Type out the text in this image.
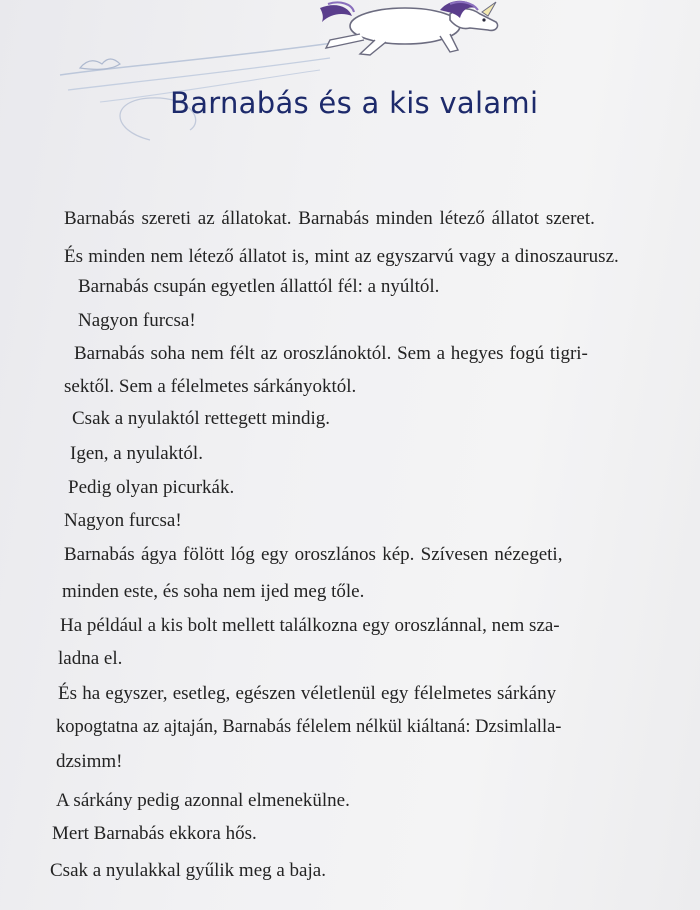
Barnabás és a kis valami
Barnabás szereti az állatokat. Barnabás minden létező állatot szeret.
És minden nem létező állatot is, mint az egyszarvú vagy a dinoszaurusz.
Barnabás csupán egyetlen állattól fél: a nyúltól.
Nagyon furcsa!
Barnabás soha nem félt az oroszlánoktól. Sem a hegyes fogú tigri-
sektől. Sem a félelmetes sárkányoktól.
Csak a nyulaktól rettegett mindig.
Igen, a nyulaktól.
Pedig olyan picurkák.
Nagyon furcsa!
Barnabás ágya fölött lóg egy oroszlános kép. Szívesen nézegeti,
minden este, és soha nem ijed meg tőle.
Ha például a kis bolt mellett találkozna egy oroszlánnal, nem sza-
ladna el.
És ha egyszer, esetleg, egészen véletlenül egy félelmetes sárkány
kopogtatna az ajtaján, Barnabás félelem nélkül kiáltaná: Dzsimlalla-
dzsimm!
A sárkány pedig azonnal elmenekülne.
Mert Barnabás ekkora hős.
Csak a nyulakkal gyűlik meg a baja.
